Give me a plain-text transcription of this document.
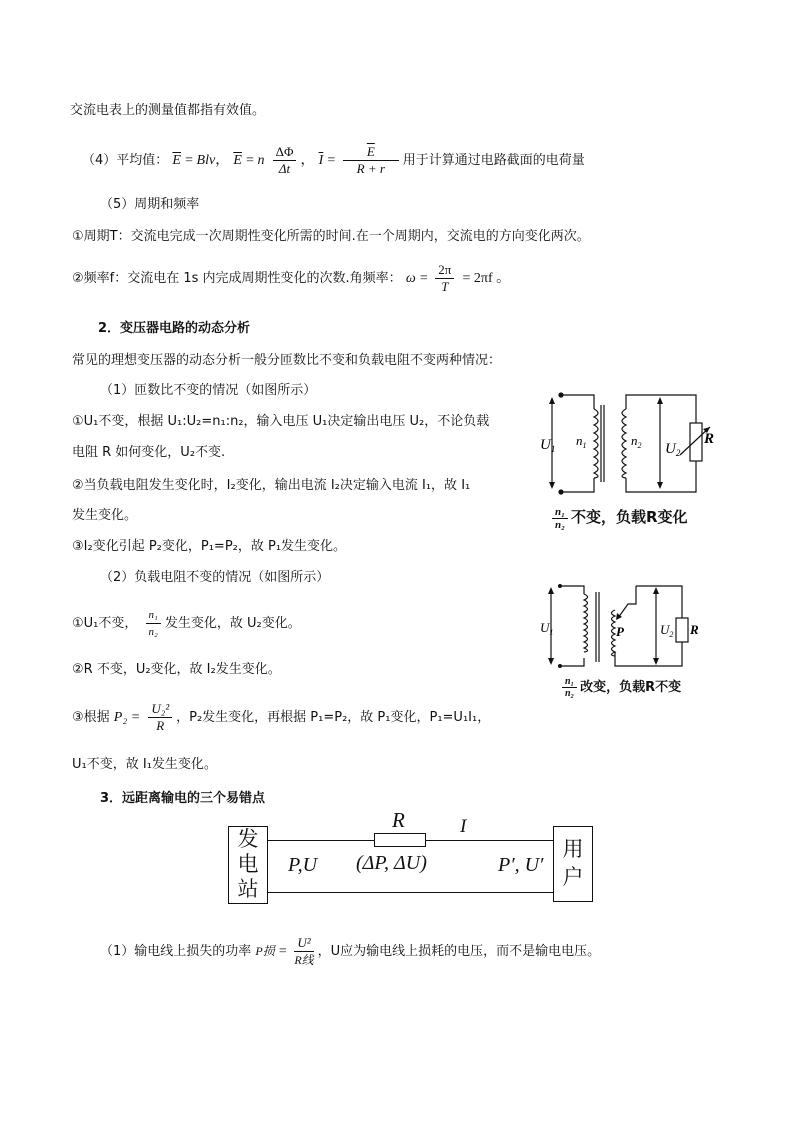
交流电表上的测量值都指有效值。
（4）平均值： $\overline{E}$ = Blv， $\overline{E} = n \frac{\Delta\Phi}{\Delta t}$ ， $\overline{I} = \frac{\overline{E}}{R + r}$ 用于计算通过电路截面的电荷量
（5）周期和频率
①周期T：交流电完成一次周期性变化所需的时间.在一个周期内，交流电的方向变化两次。
②频率f：交流电在 1s 内完成周期性变化的次数.角频率： $\omega = \frac{2\pi}{T} = 2\pi f$ 。
2．变压器电路的动态分析
常见的理想变压器的动态分析一般分匝数比不变和负载电阻不变两种情况：
（1）匝数比不变的情况（如图所示）
①U₁不变，根据 U₁:U₂=n₁:n₂，输入电压 U₁决定输出电压 U₂，不论负载
电阻 R 如何变化，U₂不变.
②当负载电阻发生变化时，I₂变化，输出电流 I₂决定输入电流 I₁，故 I₁
发生变化。
③I₂变化引起 P₂变化，P₁=P₂，故 P₁发生变化。
$U_1$
$n_1$	$n_2$ $U_2$
R
$\frac{\text{n₁}}{\text{n₂}}$ 不变，负载R变化
（2）负载电阻不变的情况（如图所示）
①U₁不变， $\frac{\text{n₁}}{\text{n₂}}$ 发生变化，故 U₂变化。
②R 不变，U₂变化，故 I₂发生变化。
③根据 $P_2 = \frac{\text{U₂²}}{R}$ ，P₂发生变化，再根据 P₁=P₂，故 P₁变化，P₁=U₁I₁，
U₁不变，故 I₁发生变化。
$U_1$	P	$U_2$ R
$\frac{\text{n₁}}{\text{n₂}}$ 改变，负载R不变
3．远距离输电的三个易错点
发
电
站
用
户
R	I
P,U (ΔP, ΔU)	P′, U′
（1）输电线上损失的功率 P损 = $\frac{\text{U²}}{\text{R线}}$ ，U应为输电线上损耗的电压，而不是输电电压。
